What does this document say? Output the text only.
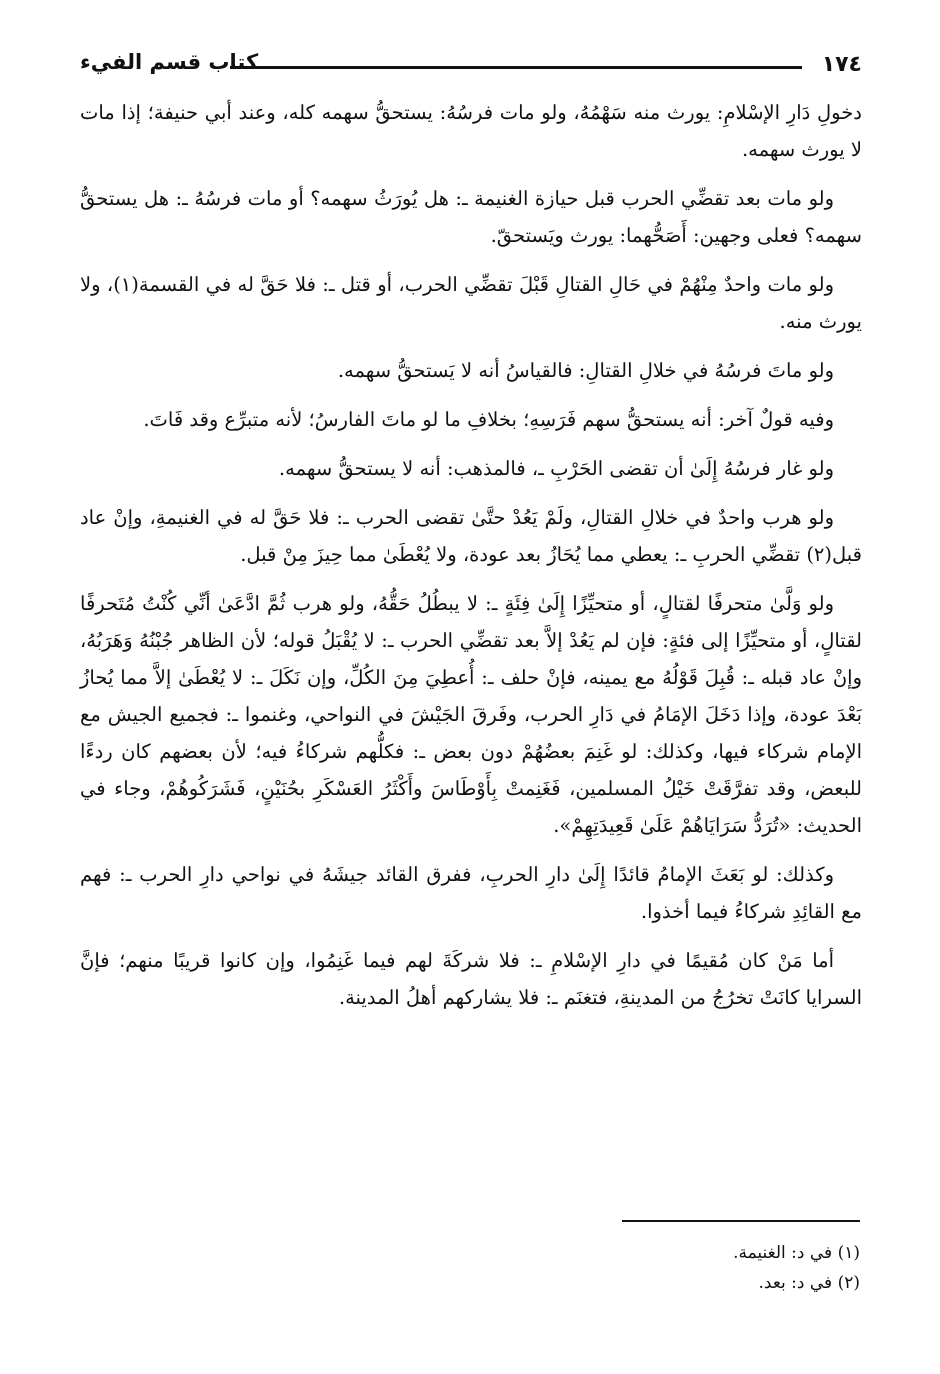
١٧٤
كتاب قسم الفيء

دخولِ دَارِ الإسْلامِ: يورث منه سَهْمُهُ، ولو مات فرسُهُ: يستحقُّ سهمه كله، وعند أبي حنيفة؛ إذا مات لا يورث سهمه.

ولو مات بعد تقضِّي الحرب قبل حيازة الغنيمة ـ: هل يُورَثُ سهمه؟ أو مات فرسُهُ ـ: هل يستحقُّ سهمه؟ فعلى وجهين: أَصَحُّهما: يورث ويَستحقّ.

ولو مات واحدٌ مِنْهُمْ في حَالِ القتالِ قَبْلَ تقضِّي الحرب، أو قتل ـ: فلا حَقَّ له في القسمة(١)، ولا يورث منه.

ولو ماتَ فرسُهُ في خلالِ القتالِ: فالقياسُ أنه لا يَستحقُّ سهمه.

وفيه قولٌ آخر: أنه يستحقُّ سهم فَرَسِهِ؛ بخلافِ ما لو ماتَ الفارسُ؛ لأنه متبرِّع وقد فَاتَ.

ولو غار فرسُهُ إِلَىٰ أن تقضى الحَرْبِ ـ، فالمذهب: أنه لا يستحقُّ سهمه.

ولو هرب واحدٌ في خلالِ القتالِ، ولَمْ يَعُدْ حتَّىٰ تقضى الحرب ـ: فلا حَقَّ له في الغنيمةِ، وإنْ عاد قبل(٢) تقضِّي الحربِ ـ: يعطي مما يُحَازُ بعد عودة، ولا يُعْطَىٰ مما حِيزَ مِنْ قبل.

ولو وَلَّىٰ متحرفًا لقتالٍ، أو متحيِّزًا إِلَىٰ فِئَةٍ ـ: لا يبطُلُ حَقُّهُ، ولو هرب ثُمَّ ادَّعَىٰ أنِّي كُنْتُ مُتَحرفًا لقتالٍ، أو متحيِّزًا إلى فئةٍ: فإن لم يَعُدْ إلاَّ بعد تقضِّي الحرب ـ: لا يُقْبَلُ قوله؛ لأن الظاهر جُبْنُهُ وَهَرَبُهُ، وإنْ عاد قبله ـ: قُبِلَ قَوْلُهُ مع يمينه، فإنْ حلف ـ: أُعطِيَ مِنَ الكُلِّ، وإن نَكَلَ ـ: لا يُعْطَىٰ إلاَّ مما يُحازُ بَعْدَ عودة، وإذا دَخَلَ الإمَامُ في دَارِ الحرب، وفَرقَ الجَيْشَ في النواحي، وغنموا ـ: فجميع الجيش مع الإمام شركاء فيها، وكذلك: لو غَنِمَ بعضُهُمْ دون بعض ـ: فكلُّهم شركاءُ فيه؛ لأن بعضهم كان ردءًا للبعض، وقد تفرَّقَتْ خَيْلُ المسلمين، فَغَنِمتْ بِأَوْطَاسَ وأَكْثَرُ العَسْكَرِ بحُنَيْنٍ، فَشَرَكُوهُمْ، وجاء في الحديث: «تُرَدُّ سَرَايَاهُمْ عَلَىٰ قَعِيدَتِهِمْ».

وكذلك: لو بَعَثَ الإمامُ قائدًا إِلَىٰ دارِ الحربِ، ففرق القائد جيشَهُ في نواحي دارِ الحرب ـ: فهم مع القائِدِ شركاءُ فيما أخذوا.

أما مَنْ كان مُقيمًا في دارِ الإسْلامِ ـ: فلا شركَةَ لهم فيما غَنِمُوا، وإن كانوا قريبًا منهم؛ فإنَّ السرايا كانَتْ تخرُجُ من المدينةِ، فتغنَم ـ: فلا يشاركهم أهلُ المدينة.

(١) في د: الغنيمة.

(٢) في د: بعد.
